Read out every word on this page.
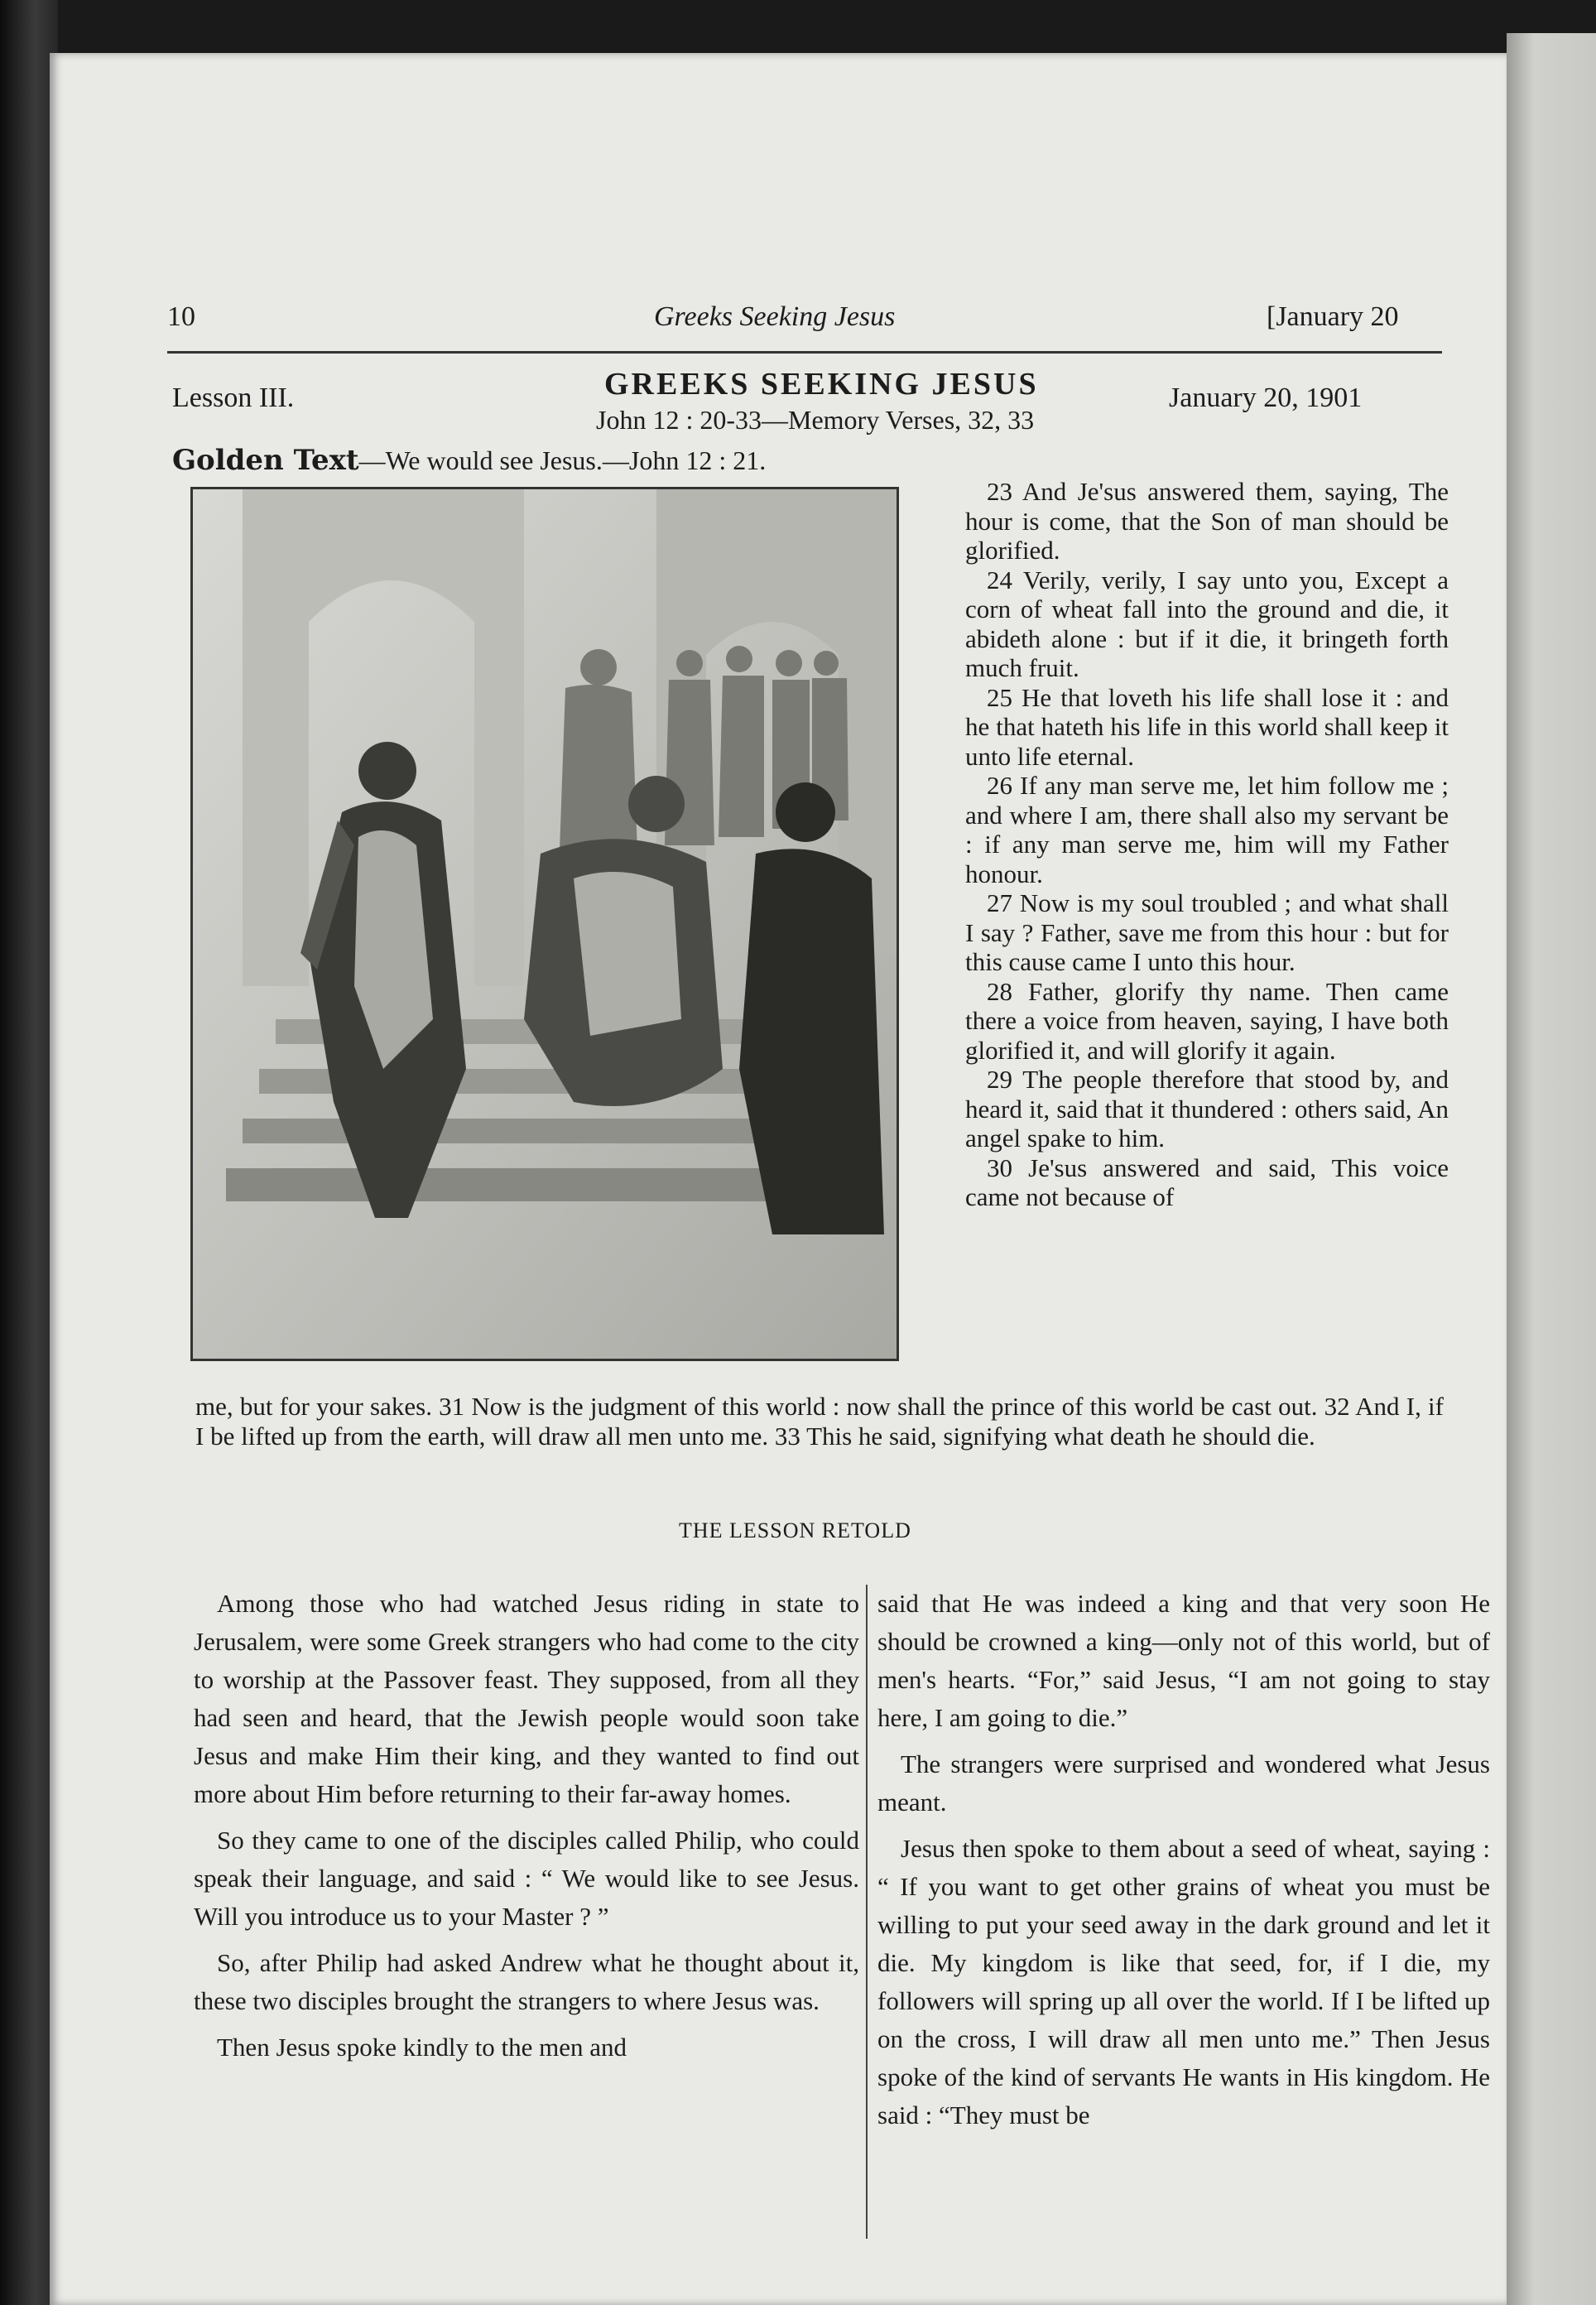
10	Greeks Seeking Jesus	[January 20
Lesson III.	GREEKS SEEKING JESUS	January 20, 1901
John 12 : 20-33—Memory Verses, 32, 33
Golden Text—We would see Jesus.—John 12 : 21.

23 And Je'sus answered them, saying, The hour is come, that the Son of man should be glorified.

24 Verily, verily, I say unto you, Except a corn of wheat fall into the ground and die, it abideth alone : but if it die, it bringeth forth much fruit.

25 He that loveth his life shall lose it : and he that hateth his life in this world shall keep it unto life eternal.

26 If any man serve me, let him follow me ; and where I am, there shall also my servant be : if any man serve me, him will my Father honour.

27 Now is my soul troubled ; and what shall I say ? Father, save me from this hour : but for this cause came I unto this hour.

28 Father, glorify thy name. Then came there a voice from heaven, saying, I have both glorified it, and will glorify it again.

29 The people therefore that stood by, and heard it, said that it thundered : others said, An angel spake to him.

30 Je'sus answered and said, This voice came not because of

me, but for your sakes. 31 Now is the judgment of this world : now shall the prince of this world be cast out. 32 And I, if I be lifted up from the earth, will draw all men unto me. 33 This he said, signifying what death he should die.

THE LESSON RETOLD

Among those who had watched Jesus riding in state to Jerusalem, were some Greek strangers who had come to the city to worship at the Passover feast. They supposed, from all they had seen and heard, that the Jewish people would soon take Jesus and make Him their king, and they wanted to find out more about Him before returning to their far-away homes.

So they came to one of the disciples called Philip, who could speak their language, and said : “ We would like to see Jesus. Will you introduce us to your Master ? ”

So, after Philip had asked Andrew what he thought about it, these two disciples brought the strangers to where Jesus was.

Then Jesus spoke kindly to the men and

said that He was indeed a king and that very soon He should be crowned a king—only not of this world, but of men's hearts. “For,” said Jesus, “I am not going to stay here, I am going to die.”

The strangers were surprised and wondered what Jesus meant.

Jesus then spoke to them about a seed of wheat, saying : “ If you want to get other grains of wheat you must be willing to put your seed away in the dark ground and let it die. My kingdom is like that seed, for, if I die, my followers will spring up all over the world. If I be lifted up on the cross, I will draw all men unto me.” Then Jesus spoke of the kind of servants He wants in His kingdom. He said : “They must be
